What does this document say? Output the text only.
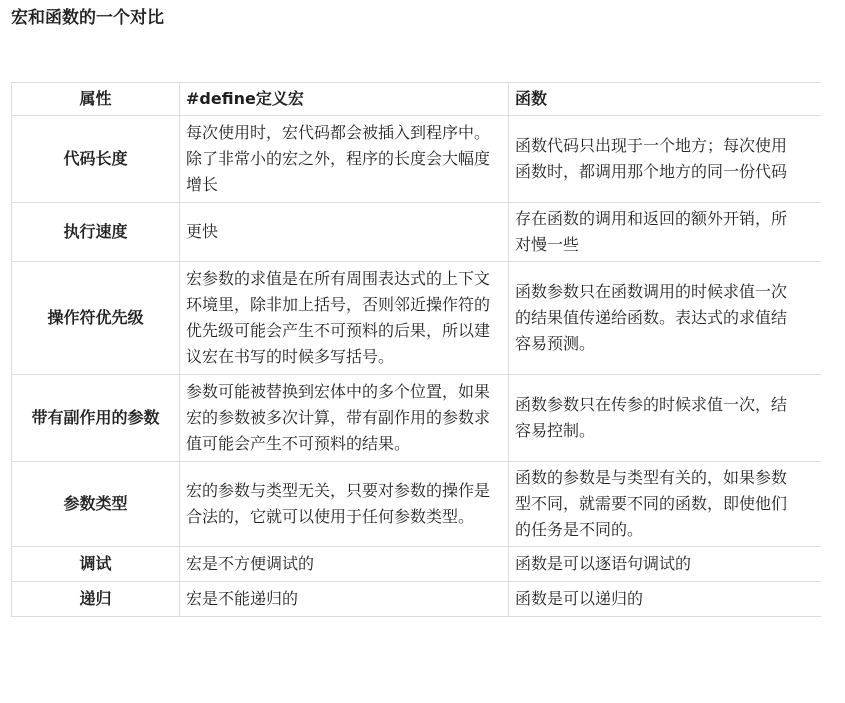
宏和函数的一个对比
属性	#define定义宏	函数
代码长度	每次使用时，宏代码都会被插入到程序中。除了非常小的宏之外，程序的长度会大幅度增长	函数代码只出现于一个地方；每次使用
函数时，都调用那个地方的同一份代码

执行速度	更快	存在函数的调用和返回的额外开销，所
对慢一些

操作符优先级	宏参数的求值是在所有周围表达式的上下文环境里，除非加上括号，否则邻近操作符的优先级可能会产生不可预料的后果，所以建议宏在书写的时候多写括号。	函数参数只在函数调用的时候求值一次
的结果值传递给函数。表达式的求值结
容易预测。

带有副作用的参数	参数可能被替换到宏体中的多个位置，如果宏的参数被多次计算，带有副作用的参数求值可能会产生不可预料的结果。	函数参数只在传参的时候求值一次，结
容易控制。

参数类型	宏的参数与类型无关，只要对参数的操作是合法的，它就可以使用于任何参数类型。	函数的参数是与类型有关的，如果参数
型不同，就需要不同的函数，即使他们
的任务是不同的。

调试	宏是不方便调试的	函数是可以逐语句调试的

递归	宏是不能递归的	函数是可以递归的
